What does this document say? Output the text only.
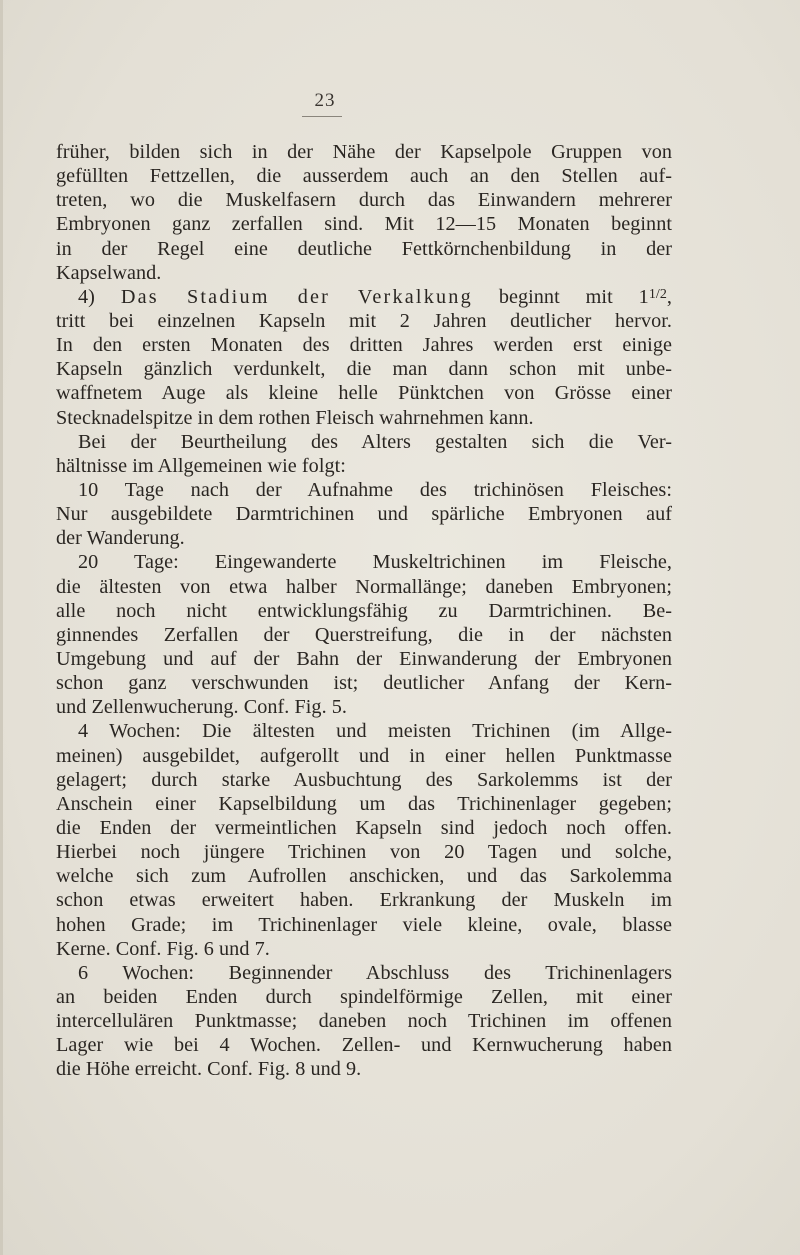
23
früher, bilden sich in der Nähe der Kapselpole Gruppen von
gefüllten Fettzellen, die ausserdem auch an den Stellen auf-
treten, wo die Muskelfasern durch das Einwandern mehrerer
Embryonen ganz zerfallen sind. Mit 12—15 Monaten beginnt
in der Regel eine deutliche Fettkörnchenbildung in der
Kapselwand.
4) Das Stadium der Verkalkung beginnt mit $1^{1/2}$,
tritt bei einzelnen Kapseln mit 2 Jahren deutlicher hervor.
In den ersten Monaten des dritten Jahres werden erst einige
Kapseln gänzlich verdunkelt, die man dann schon mit unbe-
waffnetem Auge als kleine helle Pünktchen von Grösse einer
Stecknadelspitze in dem rothen Fleisch wahrnehmen kann.
Bei der Beurtheilung des Alters gestalten sich die Ver-
hältnisse im Allgemeinen wie folgt:
10 Tage nach der Aufnahme des trichinösen Fleisches:
Nur ausgebildete Darmtrichinen und spärliche Embryonen auf
der Wanderung.
20 Tage: Eingewanderte Muskeltrichinen im Fleische,
die ältesten von etwa halber Normallänge; daneben Embryonen;
alle noch nicht entwicklungsfähig zu Darmtrichinen. Be-
ginnendes Zerfallen der Querstreifung, die in der nächsten
Umgebung und auf der Bahn der Einwanderung der Embryonen
schon ganz verschwunden ist; deutlicher Anfang der Kern-
und Zellenwucherung. Conf. Fig. 5.
4 Wochen: Die ältesten und meisten Trichinen (im Allge-
meinen) ausgebildet, aufgerollt und in einer hellen Punktmasse
gelagert; durch starke Ausbuchtung des Sarkolemms ist der
Anschein einer Kapselbildung um das Trichinenlager gegeben;
die Enden der vermeintlichen Kapseln sind jedoch noch offen.
Hierbei noch jüngere Trichinen von 20 Tagen und solche,
welche sich zum Aufrollen anschicken, und das Sarkolemma
schon etwas erweitert haben. Erkrankung der Muskeln im
hohen Grade; im Trichinenlager viele kleine, ovale, blasse
Kerne. Conf. Fig. 6 und 7.
6 Wochen: Beginnender Abschluss des Trichinenlagers
an beiden Enden durch spindelförmige Zellen, mit einer
intercellulären Punktmasse; daneben noch Trichinen im offenen
Lager wie bei 4 Wochen. Zellen- und Kernwucherung haben
die Höhe erreicht. Conf. Fig. 8 und 9.
